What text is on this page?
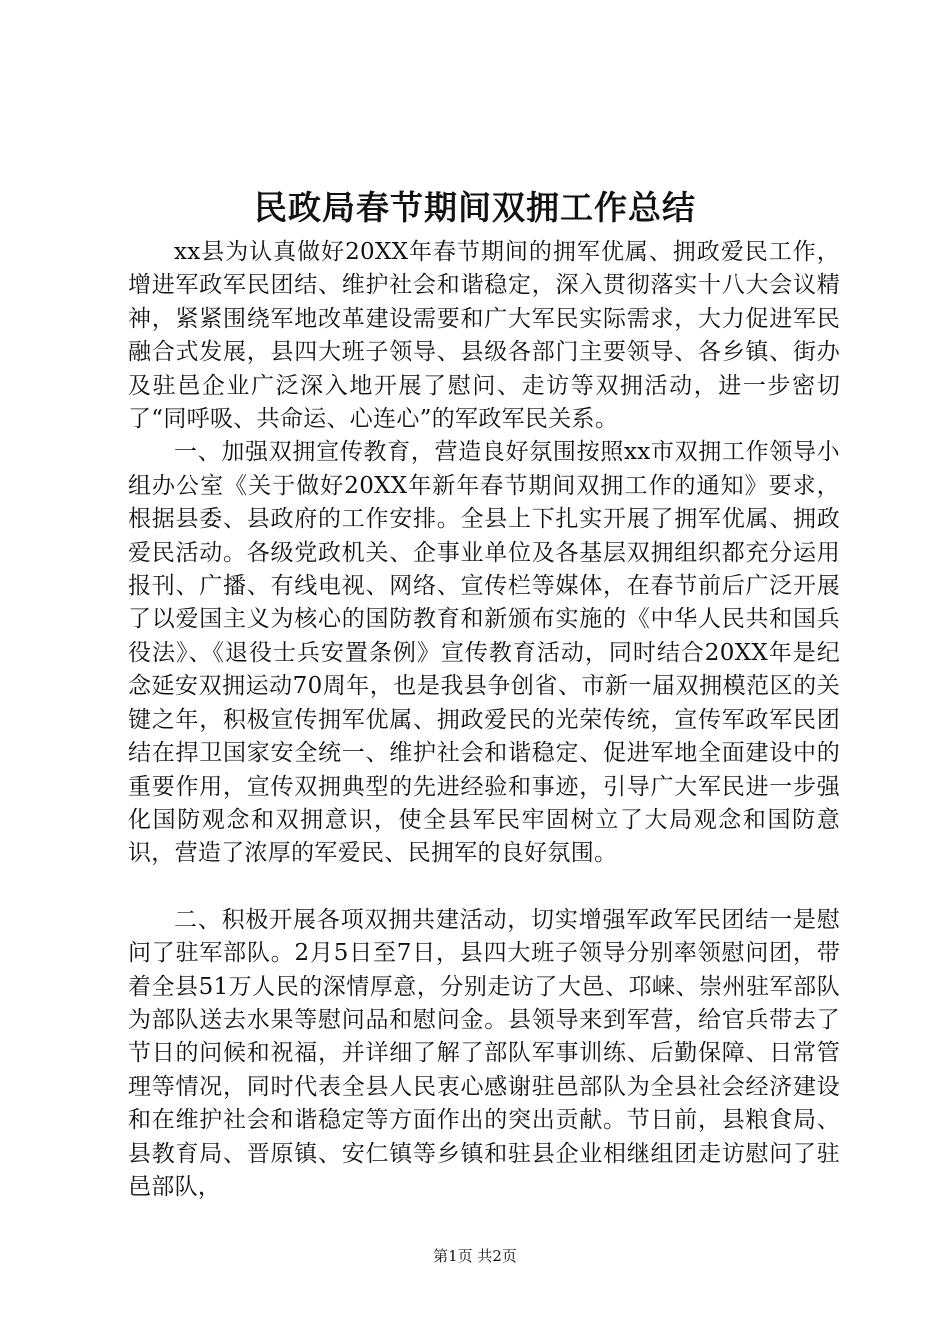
民政局春节期间双拥工作总结

xx县为认真做好20XX年春节期间的拥军优属、拥政爱民工作，增进军政军民团结、维护社会和谐稳定，深入贯彻落实十八大会议精神，紧紧围绕军地改革建设需要和广大军民实际需求，大力促进军民融合式发展，县四大班子领导、县级各部门主要领导、各乡镇、街办及驻邑企业广泛深入地开展了慰问、走访等双拥活动，进一步密切了“同呼吸、共命运、心连心”的军政军民关系。

一、加强双拥宣传教育，营造良好氛围按照xx市双拥工作领导小组办公室《关于做好20XX年新年春节期间双拥工作的通知》要求，根据县委、县政府的工作安排。全县上下扎实开展了拥军优属、拥政爱民活动。各级党政机关、企事业单位及各基层双拥组织都充分运用报刊、广播、有线电视、网络、宣传栏等媒体，在春节前后广泛开展了以爱国主义为核心的国防教育和新颁布实施的《中华人民共和国兵役法》、《退役士兵安置条例》宣传教育活动，同时结合20XX年是纪念延安双拥运动70周年，也是我县争创省、市新一届双拥模范区的关键之年，积极宣传拥军优属、拥政爱民的光荣传统，宣传军政军民团结在捍卫国家安全统一、维护社会和谐稳定、促进军地全面建设中的重要作用，宣传双拥典型的先进经验和事迹，引导广大军民进一步强化国防观念和双拥意识，使全县军民牢固树立了大局观念和国防意识，营造了浓厚的军爱民、民拥军的良好氛围。

二、积极开展各项双拥共建活动，切实增强军政军民团结一是慰问了驻军部队。2月5日至7日，县四大班子领导分别率领慰问团，带着全县51万人民的深情厚意，分别走访了大邑、邛崃、崇州驻军部队为部队送去水果等慰问品和慰问金。县领导来到军营，给官兵带去了节日的问候和祝福，并详细了解了部队军事训练、后勤保障、日常管理等情况，同时代表全县人民衷心感谢驻邑部队为全县社会经济建设和在维护社会和谐稳定等方面作出的突出贡献。节日前，县粮食局、县教育局、晋原镇、安仁镇等乡镇和驻县企业相继组团走访慰问了驻邑部队，

第1页 共2页
